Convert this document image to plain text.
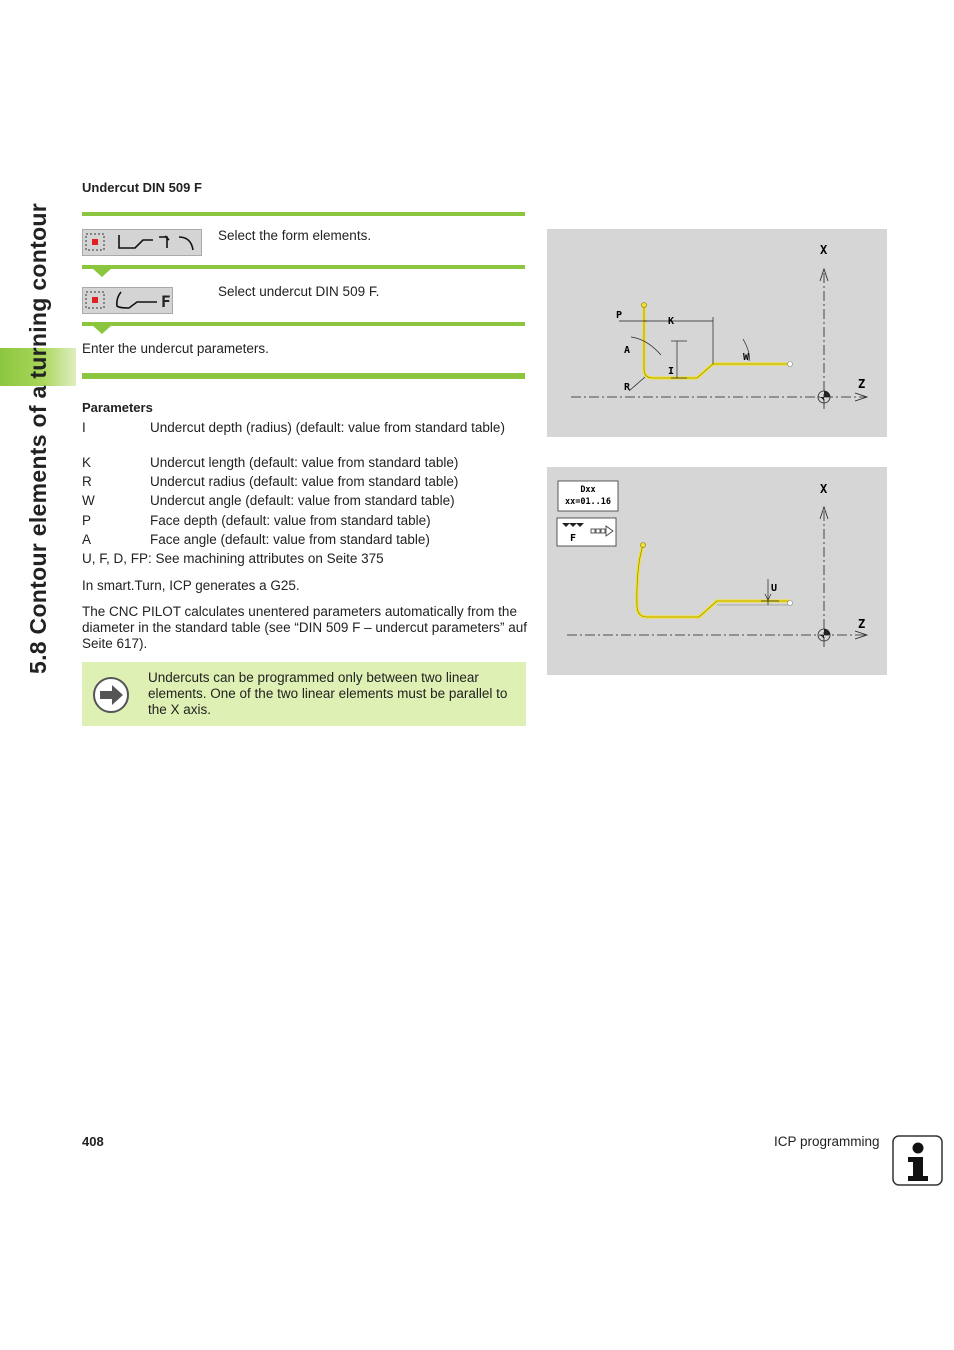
5.8 Contour elements of a turning contour
Undercut DIN 509 F
Select the form elements.
F
Select undercut DIN 509 F.
Enter the undercut parameters.
Parameters
I	Undercut depth (radius) (default: value from standard table)
K	Undercut length (default: value from standard table)
R	Undercut radius (default: value from standard table)
W	Undercut angle (default: value from standard table)
P	Face depth (default: value from standard table)
A	Face angle (default: value from standard table)
U, F, D, FP: See machining attributes on Seite 375
In smart.Turn, ICP generates a G25.
The CNC PILOT calculates unentered parameters automatically from the diameter in the standard table (see “DIN 509 F – undercut parameters” auf Seite 617).
Undercuts can be programmed only between two linear elements. One of the two linear elements must be parallel to the X axis.
X
Z
P
K
A
I
W
R
Dxx
xx=01..16
F
U
X
Z
408	ICP programming
